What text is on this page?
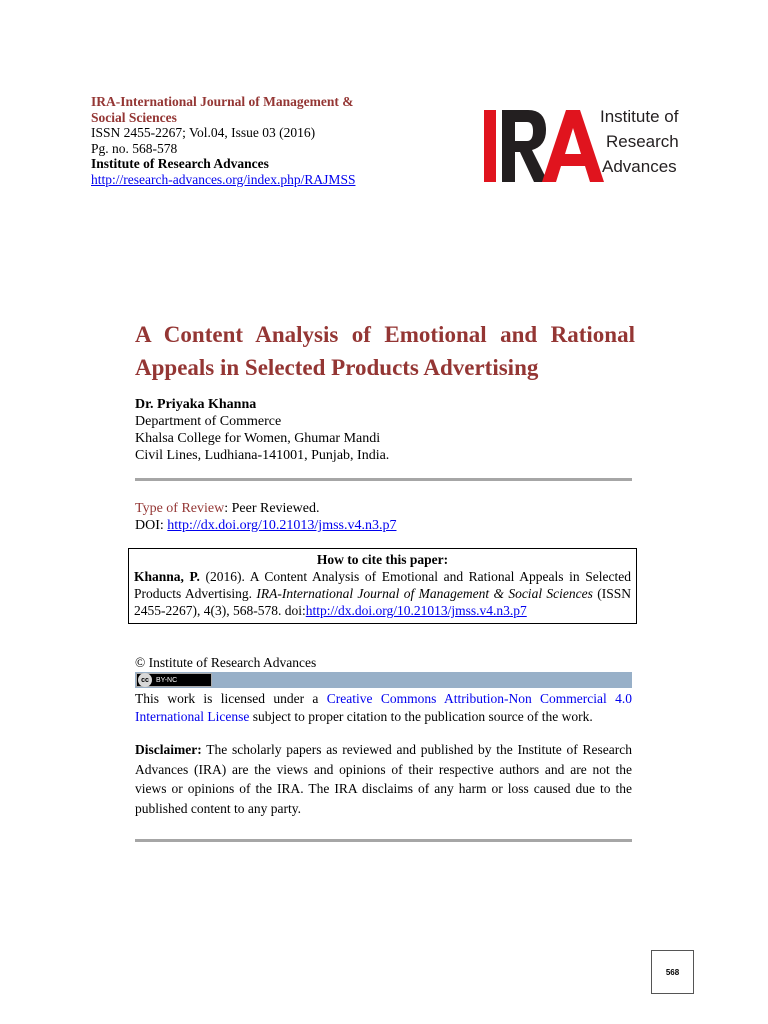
IRA-International Journal of Management & Social Sciences
ISSN 2455-2267; Vol.04, Issue 03 (2016)
Pg. no. 568-578
Institute of Research Advances
http://research-advances.org/index.php/RAJMSS
Institute of
Research
Advances
A Content Analysis of Emotional and Rational Appeals in Selected Products Advertising
Dr. Priyaka Khanna
Department of Commerce
Khalsa College for Women, Ghumar Mandi
Civil Lines, Ludhiana-141001, Punjab, India.
Type of Review: Peer Reviewed.
DOI: http://dx.doi.org/10.21013/jmss.v4.n3.p7
How to cite this paper:
Khanna, P. (2016). A Content Analysis of Emotional and Rational Appeals in Selected Products Advertising. IRA-International Journal of Management & Social Sciences (ISSN 2455-2267), 4(3), 568-578. doi:http://dx.doi.org/10.21013/jmss.v4.n3.p7
© Institute of Research Advances
cc	BY-NC
This work is licensed under a Creative Commons Attribution-Non Commercial 4.0 International License subject to proper citation to the publication source of the work.
Disclaimer: The scholarly papers as reviewed and published by the Institute of Research Advances (IRA) are the views and opinions of their respective authors and are not the views or opinions of the IRA. The IRA disclaims of any harm or loss caused due to the published content to any party.
568
